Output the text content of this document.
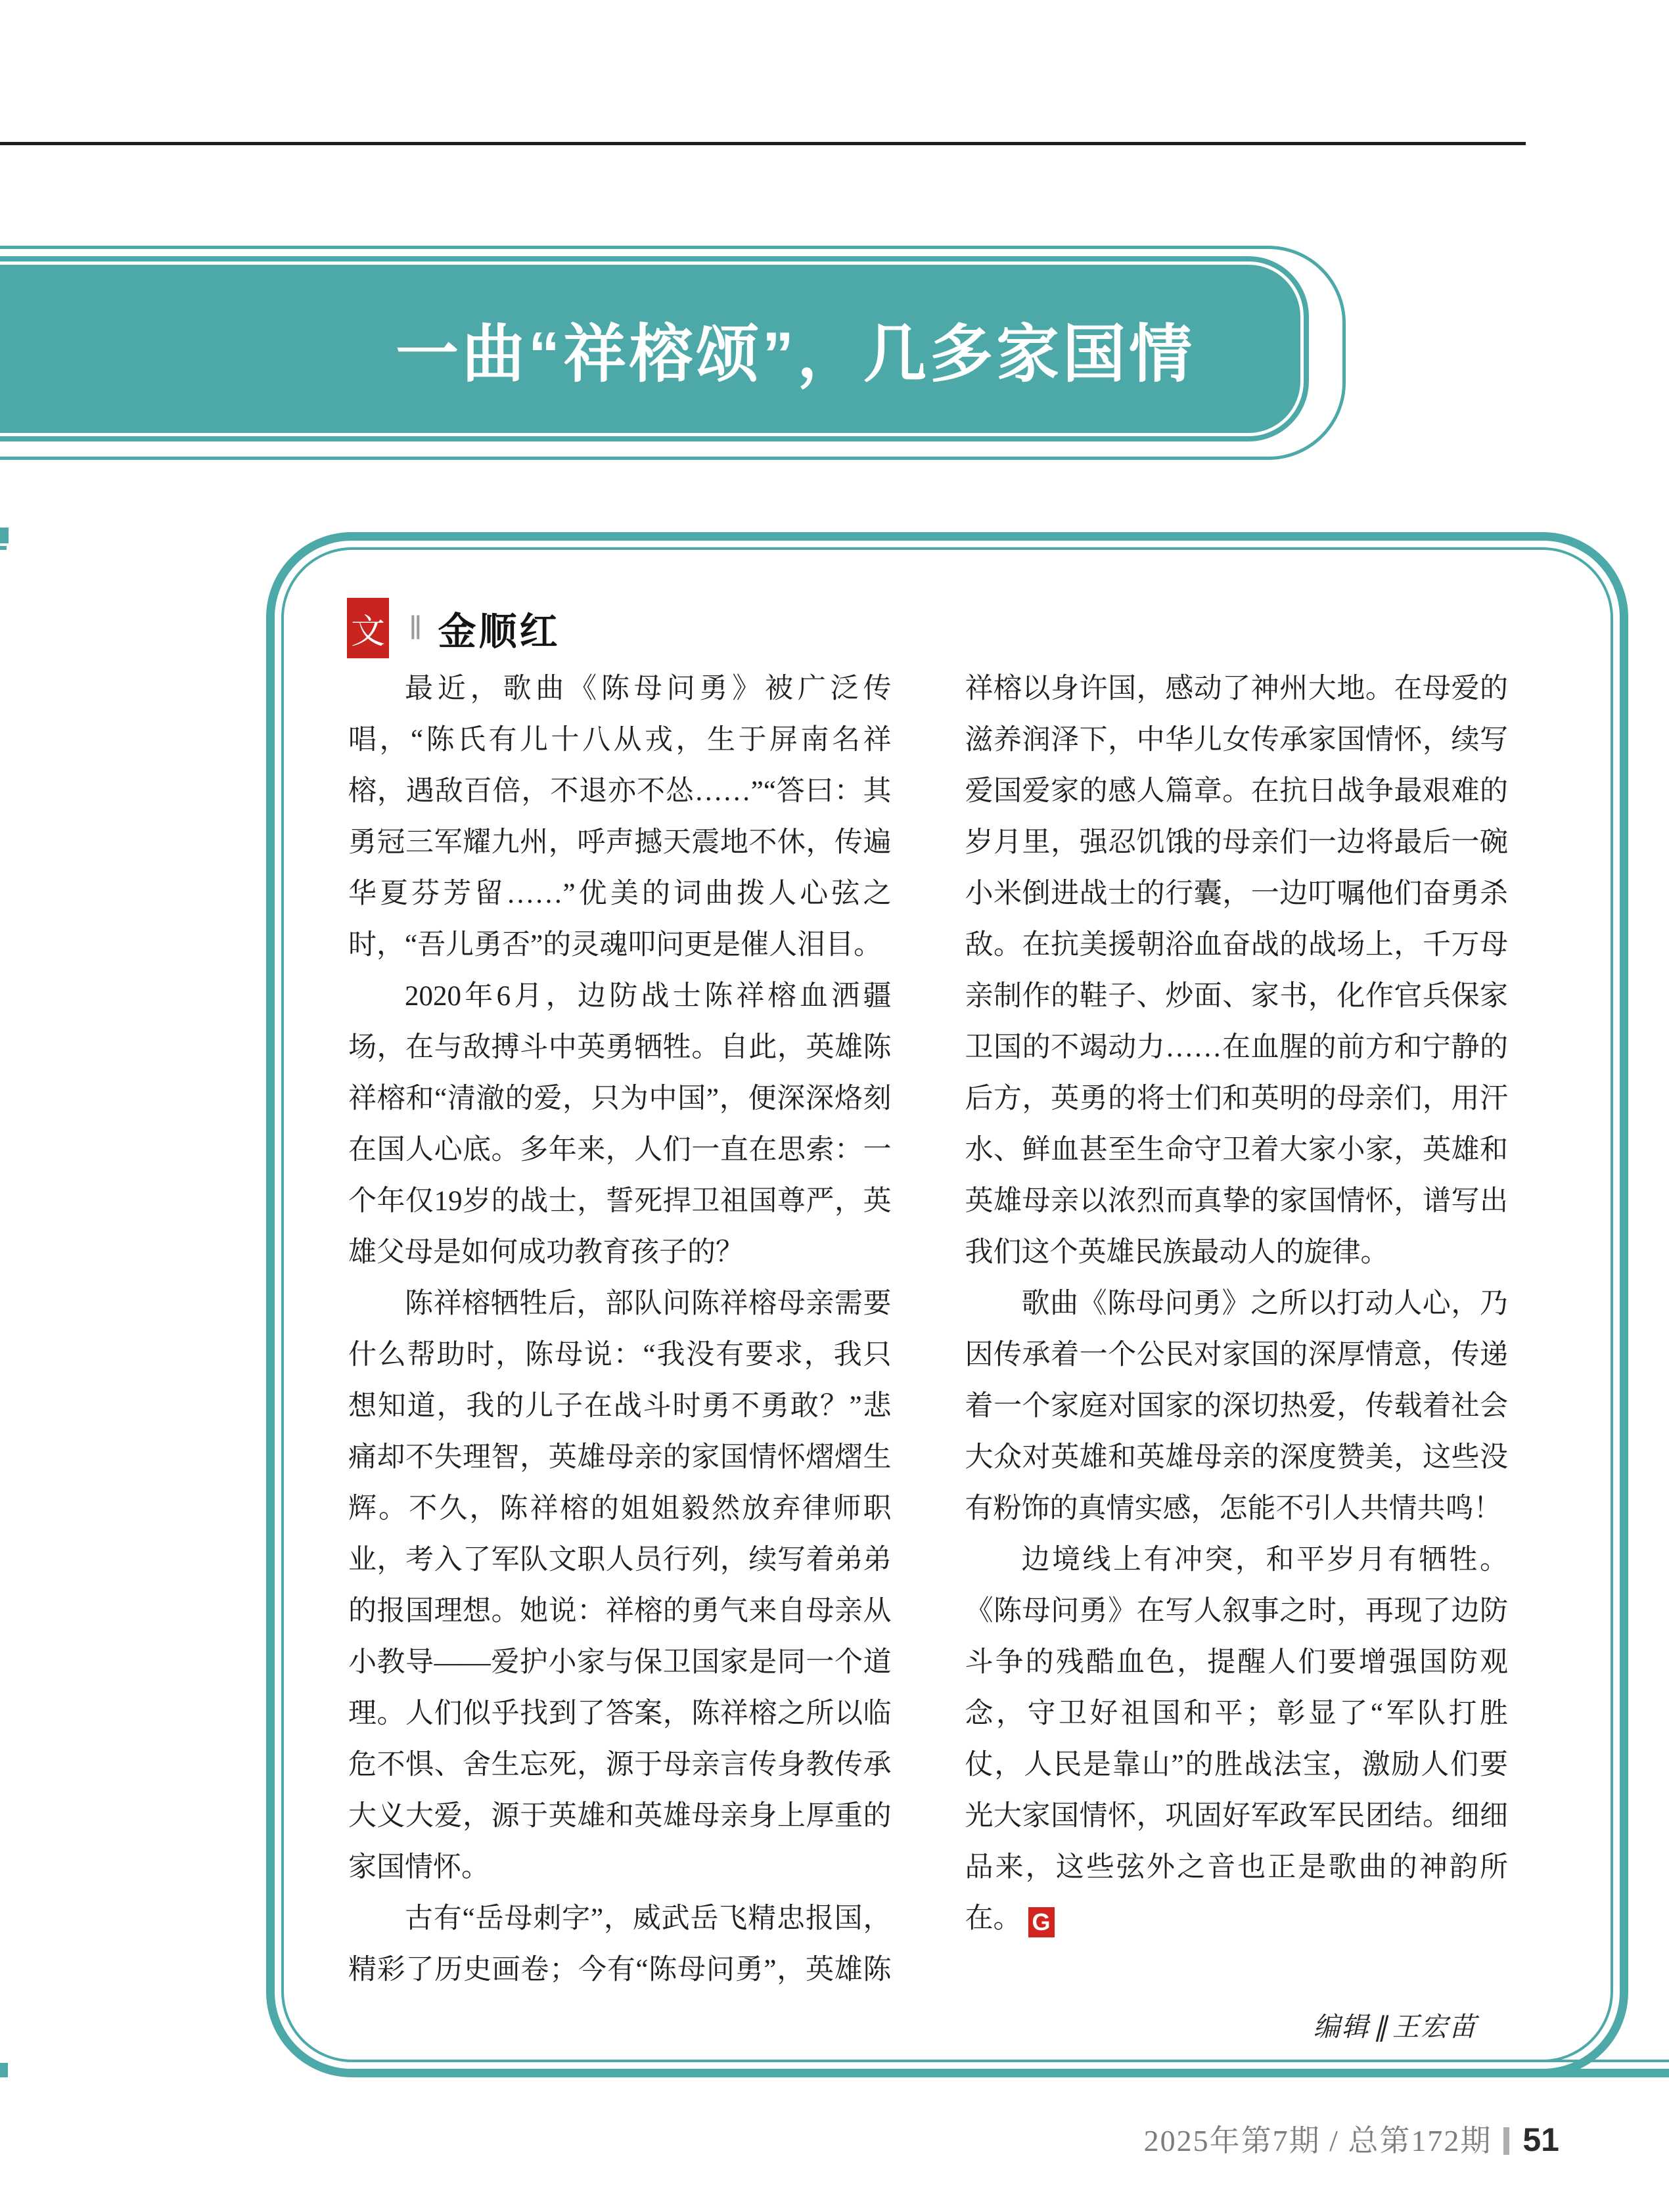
一曲“祥榕颂”，几多家国情
文 ‖ 金顺红

最近，歌曲《陈母问勇》被广泛传唱，“陈氏有儿十八从戎，生于屏南名祥榕，遇敌百倍，不退亦不怂……”“答曰：其勇冠三军耀九州，呼声撼天震地不休，传遍华夏芬芳留……”优美的词曲拨人心弦之时，“吾儿勇否”的灵魂叩问更是催人泪目。

2020年6月，边防战士陈祥榕血洒疆场，在与敌搏斗中英勇牺牲。自此，英雄陈祥榕和“清澈的爱，只为中国”，便深深烙刻在国人心底。多年来，人们一直在思索：一个年仅19岁的战士，誓死捍卫祖国尊严，英雄父母是如何成功教育孩子的？

陈祥榕牺牲后，部队问陈祥榕母亲需要什么帮助时，陈母说：“我没有要求，我只想知道，我的儿子在战斗时勇不勇敢？”悲痛却不失理智，英雄母亲的家国情怀熠熠生辉。不久，陈祥榕的姐姐毅然放弃律师职业，考入了军队文职人员行列，续写着弟弟的报国理想。她说：祥榕的勇气来自母亲从小教导——爱护小家与保卫国家是同一个道理。人们似乎找到了答案，陈祥榕之所以临危不惧、舍生忘死，源于母亲言传身教传承大义大爱，源于英雄和英雄母亲身上厚重的家国情怀。

古有“岳母刺字”，威武岳飞精忠报国，精彩了历史画卷；今有“陈母问勇”，英雄陈祥榕以身许国，感动了神州大地。在母爱的滋养润泽下，中华儿女传承家国情怀，续写爱国爱家的感人篇章。在抗日战争最艰难的岁月里，强忍饥饿的母亲们一边将最后一碗小米倒进战士的行囊，一边叮嘱他们奋勇杀敌。在抗美援朝浴血奋战的战场上，千万母亲制作的鞋子、炒面、家书，化作官兵保家卫国的不竭动力……在血腥的前方和宁静的后方，英勇的将士们和英明的母亲们，用汗水、鲜血甚至生命守卫着大家小家，英雄和英雄母亲以浓烈而真挚的家国情怀，谱写出我们这个英雄民族最动人的旋律。

歌曲《陈母问勇》之所以打动人心，乃因传承着一个公民对家国的深厚情意，传递着一个家庭对国家的深切热爱，传载着社会大众对英雄和英雄母亲的深度赞美，这些没有粉饰的真情实感，怎能不引人共情共鸣！

边境线上有冲突，和平岁月有牺牲。《陈母问勇》在写人叙事之时，再现了边防斗争的残酷血色，提醒人们要增强国防观念，守卫好祖国和平；彰显了“军队打胜仗，人民是靠山”的胜战法宝，激励人们要光大家国情怀，巩固好军政军民团结。细细品来，这些弦外之音也正是歌曲的神韵所在。 G

编辑 ∥ 王宏苗
2025年第7期 / 总第172期 51
